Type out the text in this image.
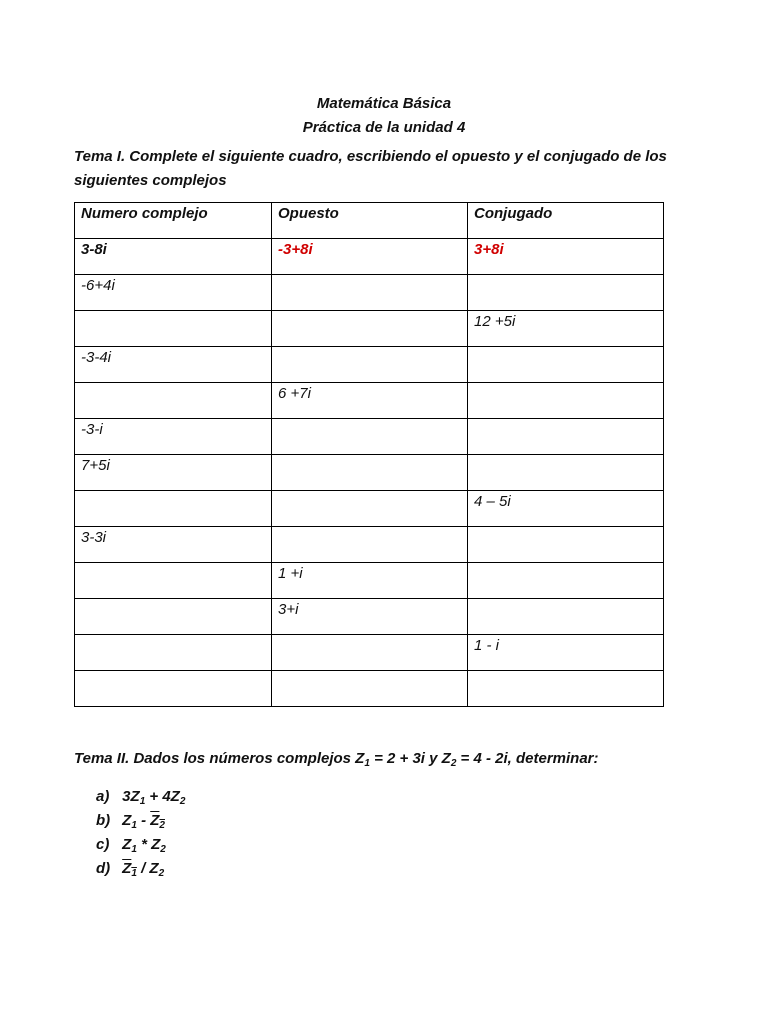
Matemática Básica
Práctica de la unidad 4
Tema I. Complete el siguiente cuadro, escribiendo el opuesto y el conjugado de los siguientes complejos
Numero complejo	Opuesto	Conjugado
3-8i	-3+8i	3+8i
-6+4i		
		12 +5i
-3-4i		
	6 +7i	
-3-i		
7+5i		
		4 – 5i
3-3i		
	1 +i	
	3+i	
		1 - i

Tema II. Dados los números complejos $Z_1 = 2 + 3i$ y $Z_2 = 4 - 2i$, determinar:
a) $3Z_1 + 4Z_2$
b) $Z_1 - Z_2$
c) $Z_1 * Z_2$
d) $Z_1 / Z_2$
